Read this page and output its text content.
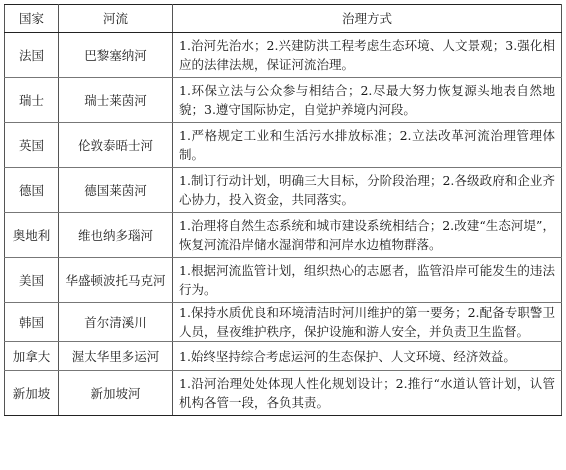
国家	河流	治理方式
法国	巴黎塞纳河	1.治河先治水；2.兴建防洪工程考虑生态环境、人文景观；3.强化相应的法律法规，保证河流治理。
瑞士	瑞士莱茵河	1.环保立法与公众参与相结合；2.尽最大努力恢复源头地表自然地貌；3.遵守国际协定，自觉护养境内河段。
英国	伦敦泰晤士河	1.严格规定工业和生活污水排放标准；2.立法改革河流治理管理体制。
德国	德国莱茵河	1.制订行动计划，明确三大目标，分阶段治理；2.各级政府和企业齐心协力，投入资金，共同落实。
奥地利	维也纳多瑙河	1.治理将自然生态系统和城市建设系统相结合；2.改建“生态河堤”，恢复河流沿岸储水湿润带和河岸水边植物群落。
美国	华盛顿波托马克河	1.根据河流监管计划，组织热心的志愿者，监管沿岸可能发生的违法行为。
韩国	首尔清溪川	1.保持水质优良和环境清洁时河川维护的第一要务；2.配备专职警卫人员，昼夜维护秩序，保护设施和游人安全，并负责卫生监督。
加拿大	渥太华里多运河	1.始终坚持综合考虑运河的生态保护、人文环境、经济效益。
新加坡	新加坡河	1.沿河治理处处体现人性化规划设计；2.推行“水道认管计划，认管机构各管一段，各负其责。
